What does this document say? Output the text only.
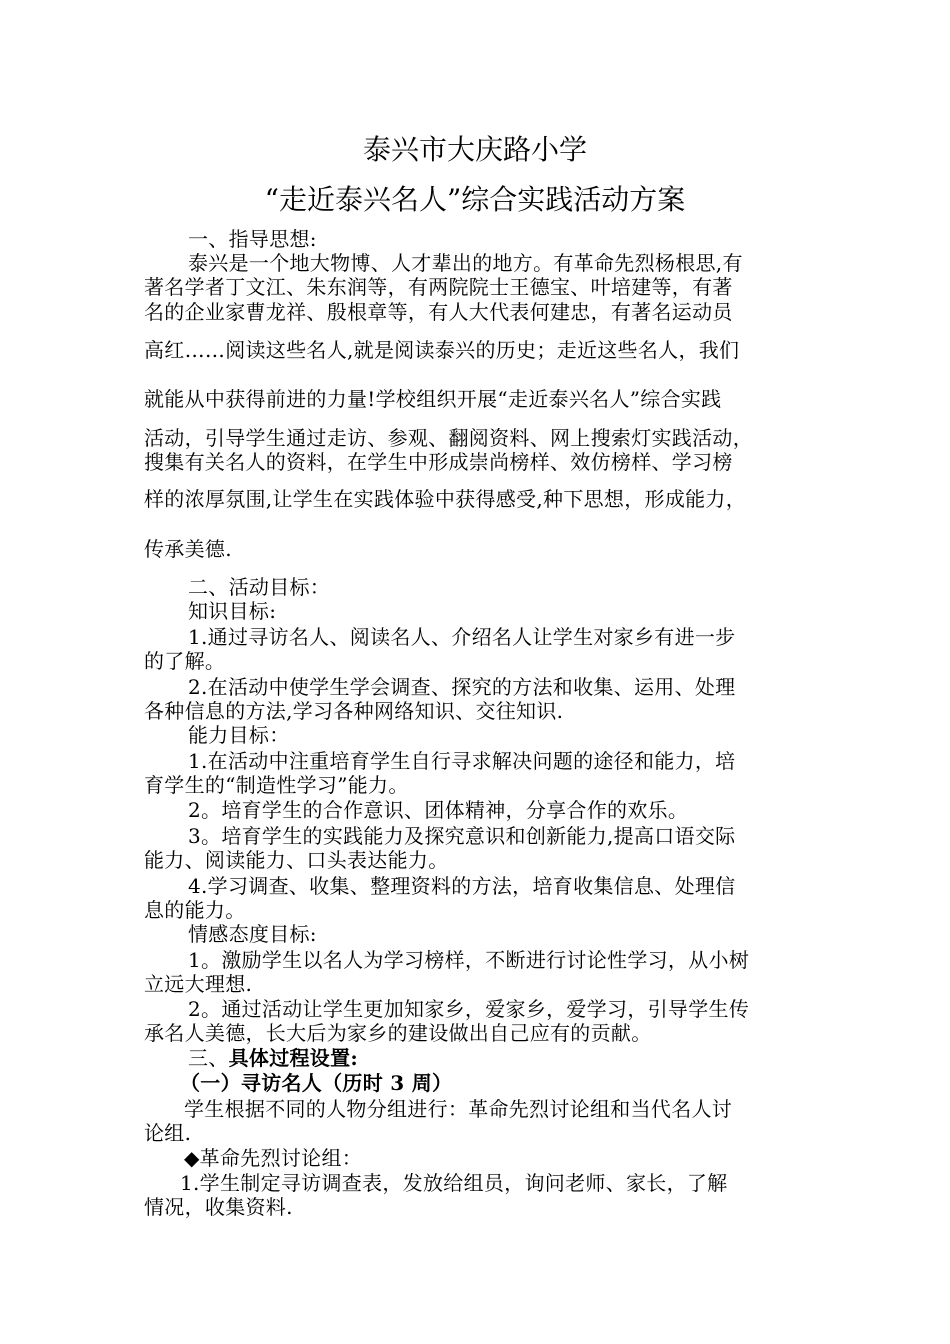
泰兴市大庆路小学
“走近泰兴名人”综合实践活动方案
一、指导思想:
泰兴是一个地大物博、人才辈出的地方。有革命先烈杨根思,有
著名学者丁文江、朱东润等，有两院院士王德宝、叶培建等，有著
名的企业家曹龙祥、殷根章等，有人大代表何建忠，有著名运动员
高红……阅读这些名人,就是阅读泰兴的历史；走近这些名人，我们
就能从中获得前进的力量!学校组织开展“走近泰兴名人”综合实践
活动，引导学生通过走访、参观、翻阅资料、网上搜索灯实践活动，
搜集有关名人的资料，在学生中形成崇尚榜样、效仿榜样、学习榜
样的浓厚氛围,让学生在实践体验中获得感受,种下思想，形成能力，
传承美德.
二、活动目标：
知识目标:
1.通过寻访名人、阅读名人、介绍名人让学生对家乡有进一步
的了解。
2.在活动中使学生学会调查、探究的方法和收集、运用、处理
各种信息的方法,学习各种网络知识、交往知识.
能力目标：
1.在活动中注重培育学生自行寻求解决问题的途径和能力，培
育学生的“制造性学习”能力。
2。培育学生的合作意识、团体精神，分享合作的欢乐。
3。培育学生的实践能力及探究意识和创新能力,提高口语交际
能力、阅读能力、口头表达能力。
4.学习调查、收集、整理资料的方法，培育收集信息、处理信
息的能力。
情感态度目标:
1。激励学生以名人为学习榜样，不断进行讨论性学习，从小树
立远大理想.
2。通过活动让学生更加知家乡，爱家乡，爱学习，引导学生传
承名人美德，长大后为家乡的建设做出自己应有的贡献。
三、具体过程设置:
（一）寻访名人（历时 3 周）
学生根据不同的人物分组进行：革命先烈讨论组和当代名人讨
论组.
◆革命先烈讨论组：
1.学生制定寻访调查表，发放给组员，询问老师、家长，了解
情况，收集资料.
